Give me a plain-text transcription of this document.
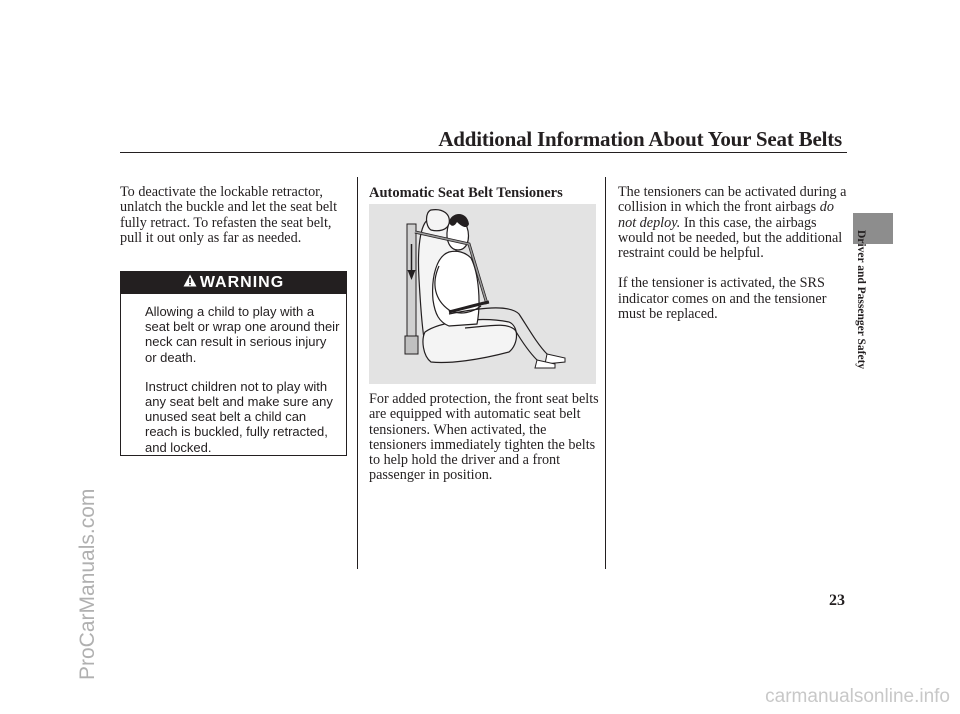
Additional Information About Your Seat Belts

To deactivate the lockable retractor, unlatch the buckle and let the seat belt fully retract. To refasten the seat belt, pull it out only as far as needed.

WARNING

Allowing a child to play with a seat belt or wrap one around their neck can result in serious injury or death.

Instruct children not to play with any seat belt and make sure any unused seat belt a child can reach is buckled, fully retracted, and locked.

Automatic Seat Belt Tensioners

For added protection, the front seat belts are equipped with automatic seat belt tensioners. When activated, the tensioners immediately tighten the belts to help hold the driver and a front passenger in position.

The tensioners can be activated during a collision in which the front airbags do not deploy. In this case, the airbags would not be needed, but the additional restraint could be helpful.

If the tensioner is activated, the SRS indicator comes on and the tensioner must be replaced.	Driver and Passenger Safety
23
ProCarManuals.com
carmanualsonline.info
